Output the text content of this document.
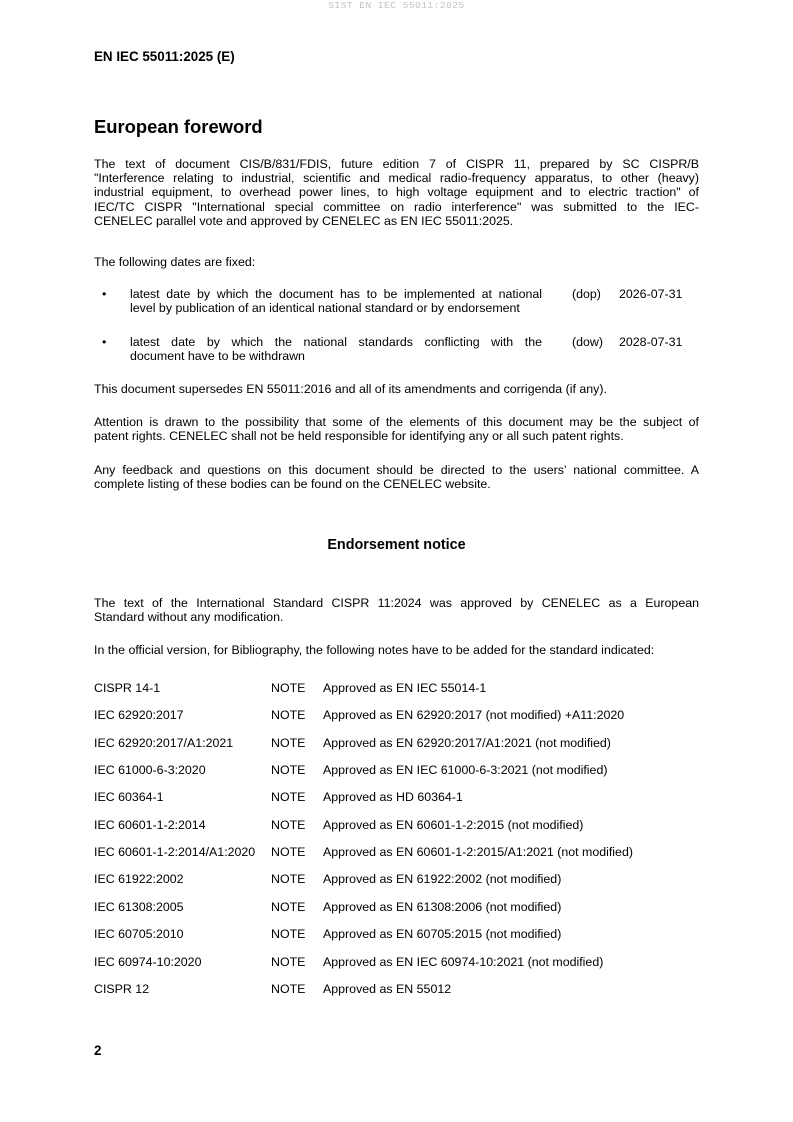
SIST EN IEC 55011:2025
EN IEC 55011:2025 (E)
European foreword
The text of document CIS/B/831/FDIS, future edition 7 of CISPR 11, prepared by SC CISPR/B
"Interference relating to industrial, scientific and medical radio-frequency apparatus, to other (heavy)
industrial equipment, to overhead power lines, to high voltage equipment and to electric traction" of
IEC/TC CISPR "International special committee on radio interference" was submitted to the IEC-
CENELEC parallel vote and approved by CENELEC as EN IEC 55011:2025.
The following dates are fixed:
• latest date by which the document has to be implemented at national
level by publication of an identical national standard or by endorsement
(dop) 2026-07-31
• latest date by which the national standards conflicting with the
document have to be withdrawn
(dow) 2028-07-31
This document supersedes EN 55011:2016 and all of its amendments and corrigenda (if any).
Attention is drawn to the possibility that some of the elements of this document may be the subject of
patent rights. CENELEC shall not be held responsible for identifying any or all such patent rights.
Any feedback and questions on this document should be directed to the users’ national committee. A
complete listing of these bodies can be found on the CENELEC website.
Endorsement notice
The text of the International Standard CISPR 11:2024 was approved by CENELEC as a European
Standard without any modification.
In the official version, for Bibliography, the following notes have to be added for the standard indicated:
CISPR 14-1	NOTE Approved as EN IEC 55014-1
IEC 62920:2017	NOTE Approved as EN 62920:2017 (not modified) +A11:2020
IEC 62920:2017/A1:2021	NOTE Approved as EN 62920:2017/A1:2021 (not modified)
IEC 61000-6-3:2020	NOTE Approved as EN IEC 61000-6-3:2021 (not modified)
IEC 60364-1	NOTE Approved as HD 60364-1
IEC 60601-1-2:2014	NOTE Approved as EN 60601-1-2:2015 (not modified)
IEC 60601-1-2:2014/A1:2020 NOTE Approved as EN 60601-1-2:2015/A1:2021 (not modified)
IEC 61922:2002	NOTE Approved as EN 61922:2002 (not modified)
IEC 61308:2005	NOTE Approved as EN 61308:2006 (not modified)
IEC 60705:2010	NOTE Approved as EN 60705:2015 (not modified)
IEC 60974-10:2020	NOTE Approved as EN IEC 60974-10:2021 (not modified)
CISPR 12	NOTE Approved as EN 55012
2
